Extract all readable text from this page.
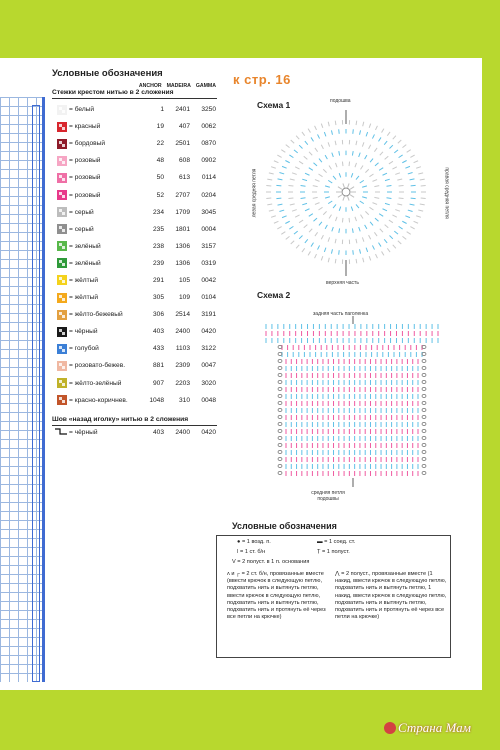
Условные обозначения
ANCHOR MADEIRA GAMMA
Стежки крестом нитью в 2 сложения
= белый	1	2401	3250
= красный	19	407	0062
= бордовый	22	2501	0870
= розовый	48	608	0902
= розовый	50	613	0114
= розовый	52	2707	0204
= серый	234	1709	3045
= серый	235	1801	0004
= зелёный	238	1306	3157
= зелёный	239	1306	0319
= жёлтый	291	105	0042
= жёлтый	305	109	0104
= жёлто-бежевый	306	2514	3191
= чёрный	403	2400	0420
= голубой	433	1103	3122
= розовато-бежев.	881	2309	0047
= жёлто-зелёный	907	2203	3020
= красно-коричнев.	1048	310	0048
Шов «назад иголку» нитью в 2 сложения
= чёрный	403	2400	0420
к стр. 16
Схема 1	подошва
верхняя часть
левая средняя петля	правая средняя петля
Схема 2
задняя часть паголенка
средняя петля подошвы
Условные обозначения
● = 1 возд. п.	▬ = 1 соед. ст.
ǀ = 1 ст. б/н	Ṭ = 1 полуст.
V = 2 полуст. в 1 п. основания
ʌ и ┌ = 2 ст. б/н, провязанные вместе (ввести крючок в следующую петлю, подхватить нить и вытянуть петлю, ввести крючок в следующую петлю, подхватить нить и вытянуть петлю, подхватить нить и протянуть её через все петли на крючке)
⋀ = 2 полуст., провязанные вместе (1 накид, ввести крючок в следующую петлю, подхватить нить и вытянуть петлю, 1 накид, ввести крючок в следующую петлю, подхватить нить и вытянуть петлю, подхватить нить и протянуть её через все петли на крючке)
Страна Мам
